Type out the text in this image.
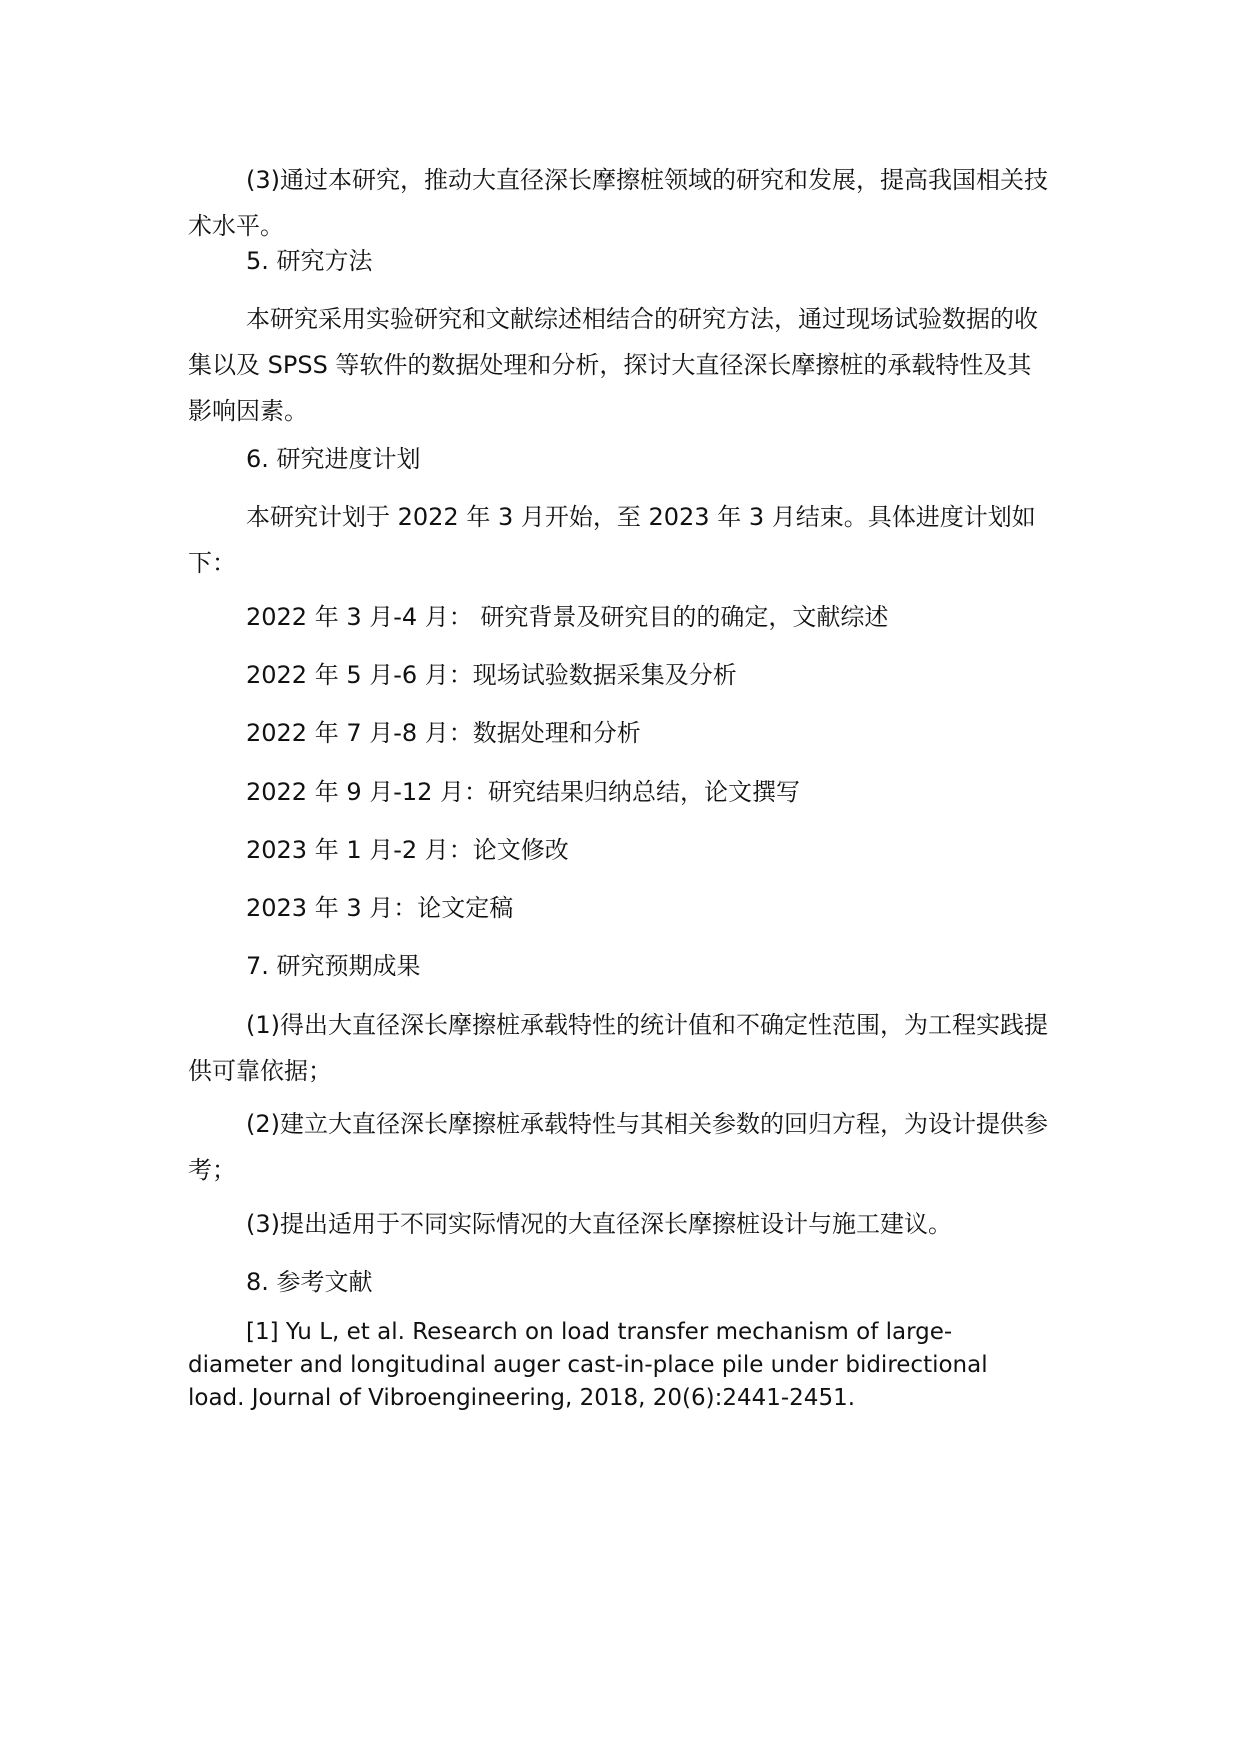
(3)通过本研究，推动大直径深长摩擦桩领域的研究和发展，提高我国相关技术水平。

5. 研究方法

本研究采用实验研究和文献综述相结合的研究方法，通过现场试验数据的收集以及 SPSS 等软件的数据处理和分析，探讨大直径深长摩擦桩的承载特性及其影响因素。

6. 研究进度计划

本研究计划于 2022 年 3 月开始，至 2023 年 3 月结束。具体进度计划如下：

2022 年 3 月-4 月： 研究背景及研究目的的确定，文献综述

2022 年 5 月-6 月：现场试验数据采集及分析

2022 年 7 月-8 月：数据处理和分析

2022 年 9 月-12 月：研究结果归纳总结，论文撰写

2023 年 1 月-2 月：论文修改

2023 年 3 月：论文定稿

7. 研究预期成果

(1)得出大直径深长摩擦桩承载特性的统计值和不确定性范围，为工程实践提供可靠依据；

(2)建立大直径深长摩擦桩承载特性与其相关参数的回归方程，为设计提供参考；

(3)提出适用于不同实际情况的大直径深长摩擦桩设计与施工建议。

8. 参考文献

[1] Yu L, et al. Research on load transfer mechanism of large-diameter and longitudinal auger cast-in-place pile under bidirectional load. Journal of Vibroengineering, 2018, 20(6):2441-2451.
